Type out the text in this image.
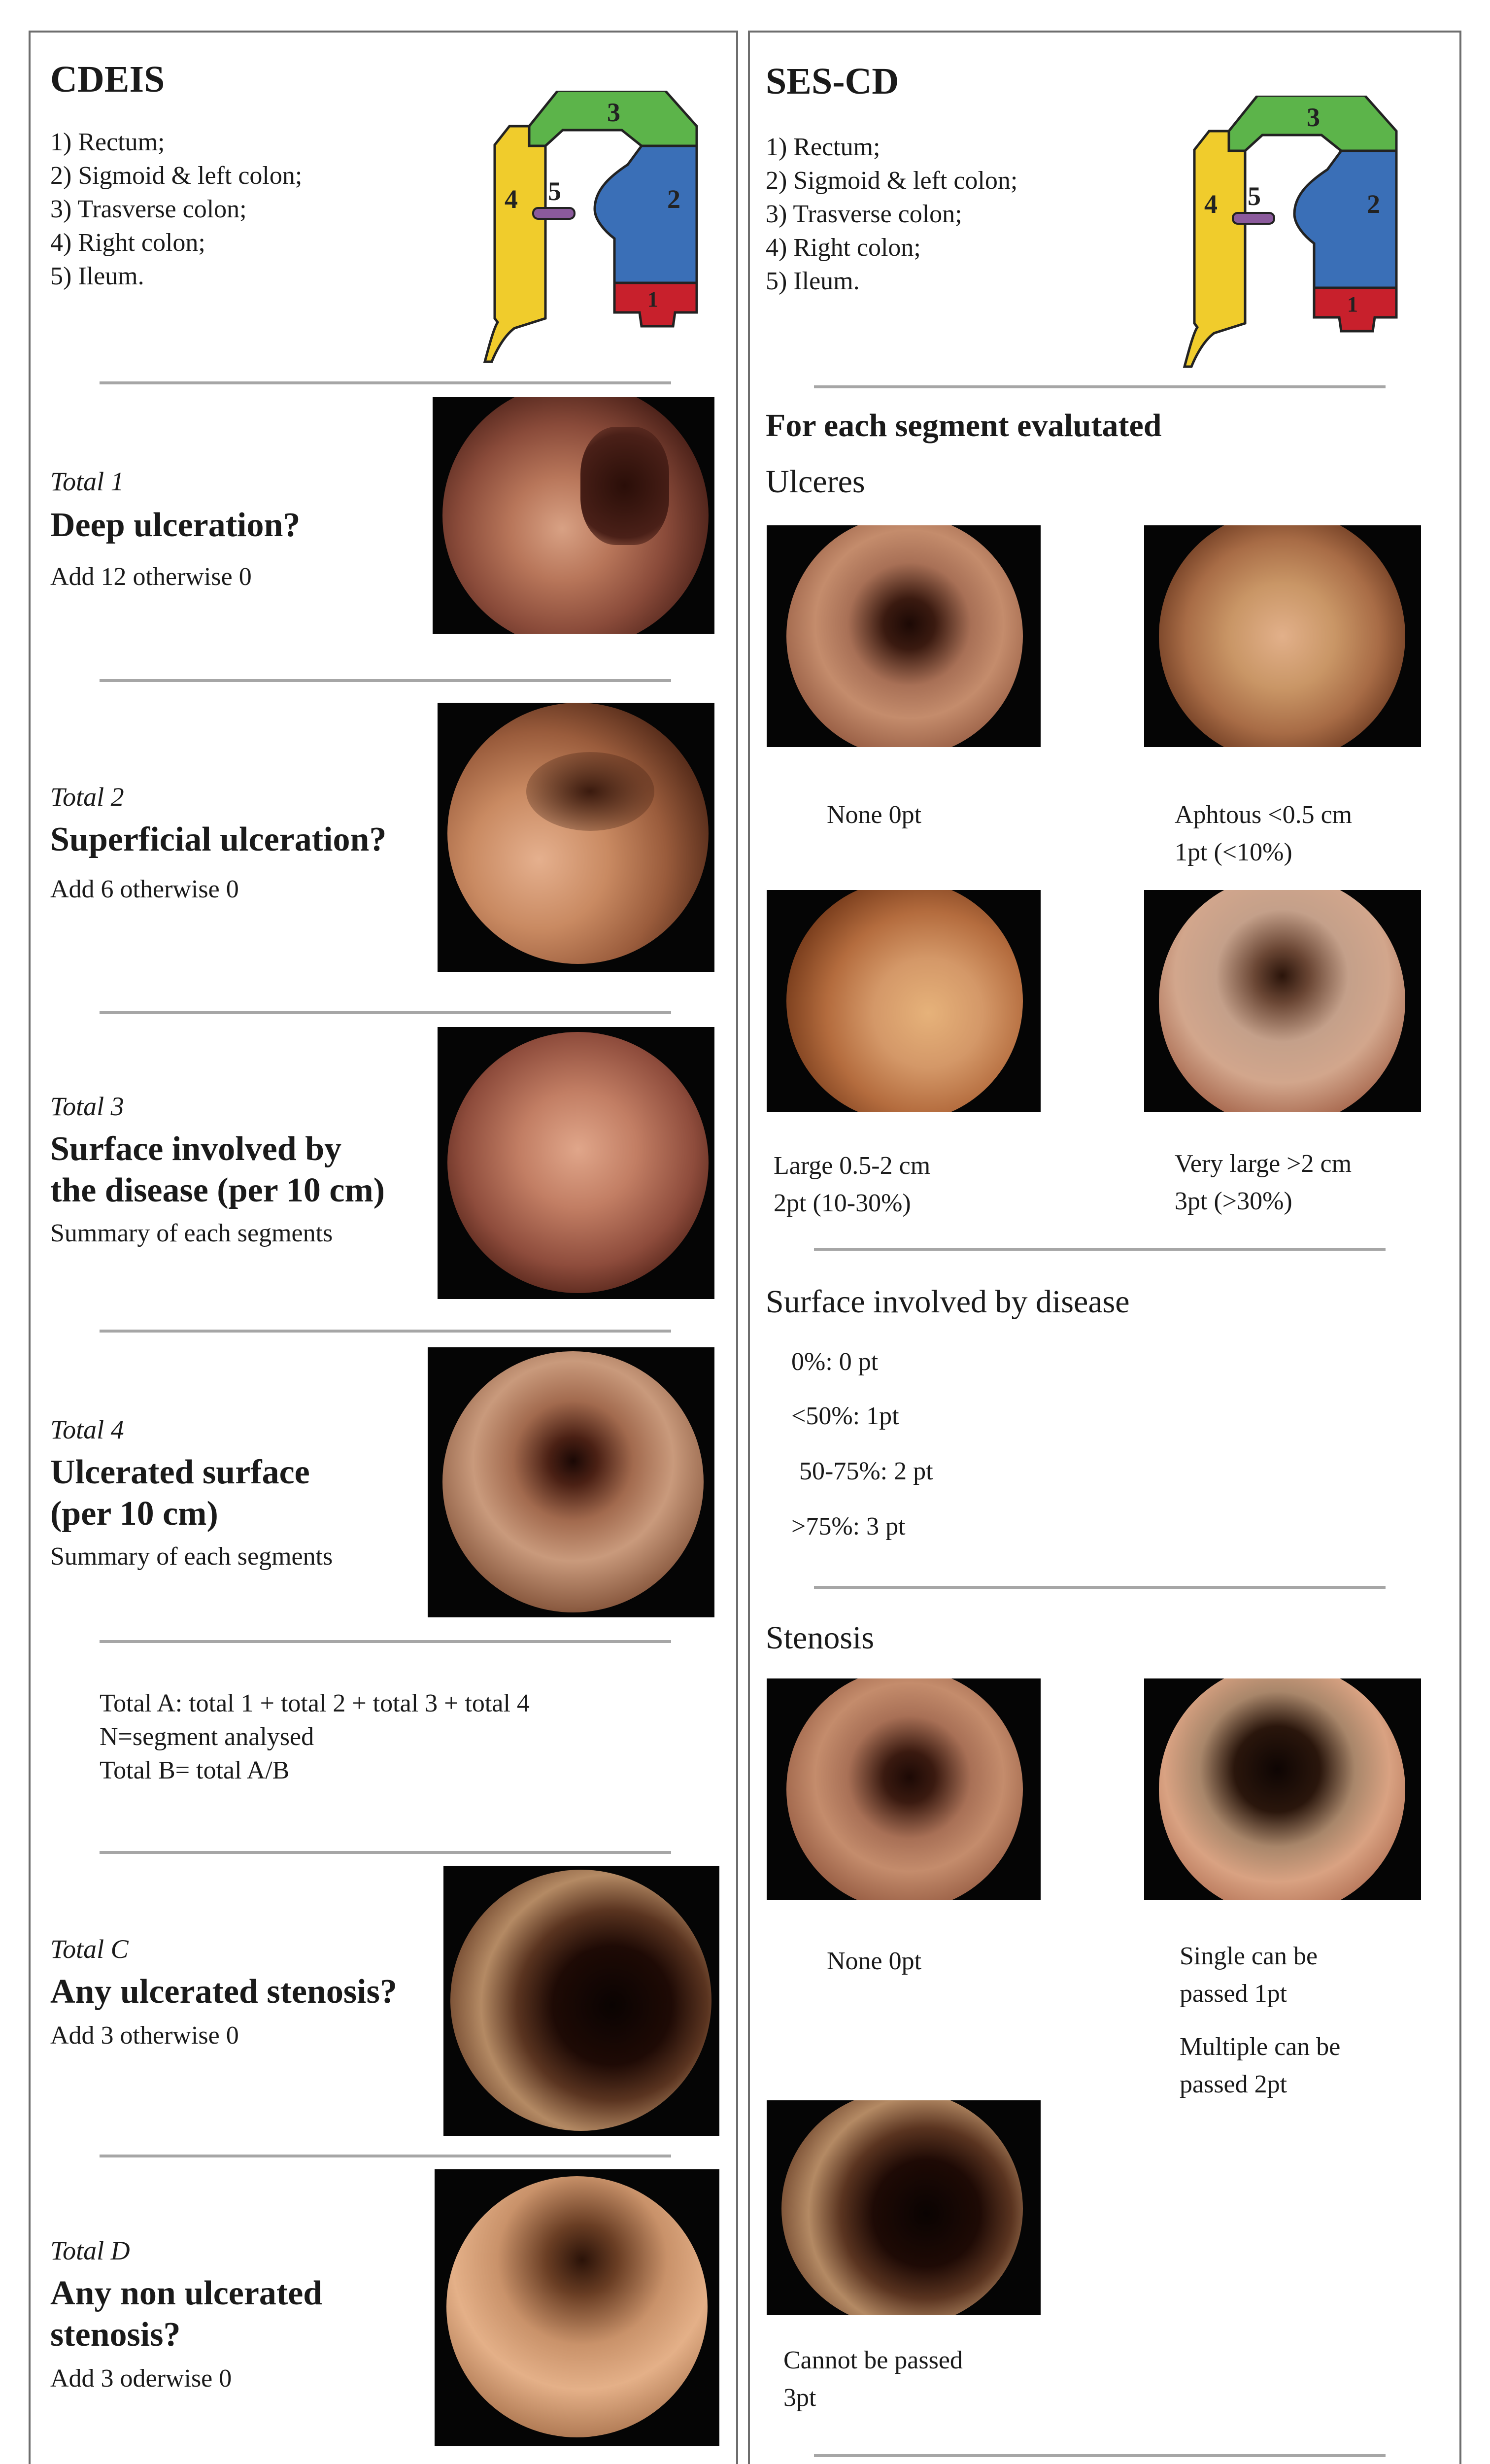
CDEIS
1) Rectum;
2) Sigmoid & left colon;
3) Trasverse colon;
4) Right colon;
5) Ileum.
3
2
4 5
1
Total 1
Deep ulceration?
Add 12 otherwise 0
Total 2
Superficial ulceration?
Add 6 otherwise 0
Total 3
Surface involved by
the disease (per 10 cm)
Summary of each segments
Total 4
Ulcerated surface
(per 10 cm)
Summary of each segments
Total A: total 1 + total 2 + total 3 + total 4
N=segment analysed
Total B= total A/B
Total C
Any ulcerated stenosis?
Add 3 otherwise 0
Total D
Any non ulcerated
stenosis?
Add 3 oderwise 0
SES-CD
1) Rectum;
2) Sigmoid & left colon;
3) Trasverse colon;
4) Right colon;
5) Ileum.
3
2
4 5
1
For each segment evalutated
Ulceres
None 0pt	Aphtous <0.5 cm
1pt (<10%)
Large 0.5-2 cm
2pt (10-30%)
Very large >2 cm
3pt (>30%)
Surface involved by disease
0%: 0 pt
<50%: 1pt
50-75%: 2 pt
>75%: 3 pt
Stenosis
None 0pt	Single can be
passed 1pt
Multiple can be
passed 2pt
Cannot be passed
3pt
